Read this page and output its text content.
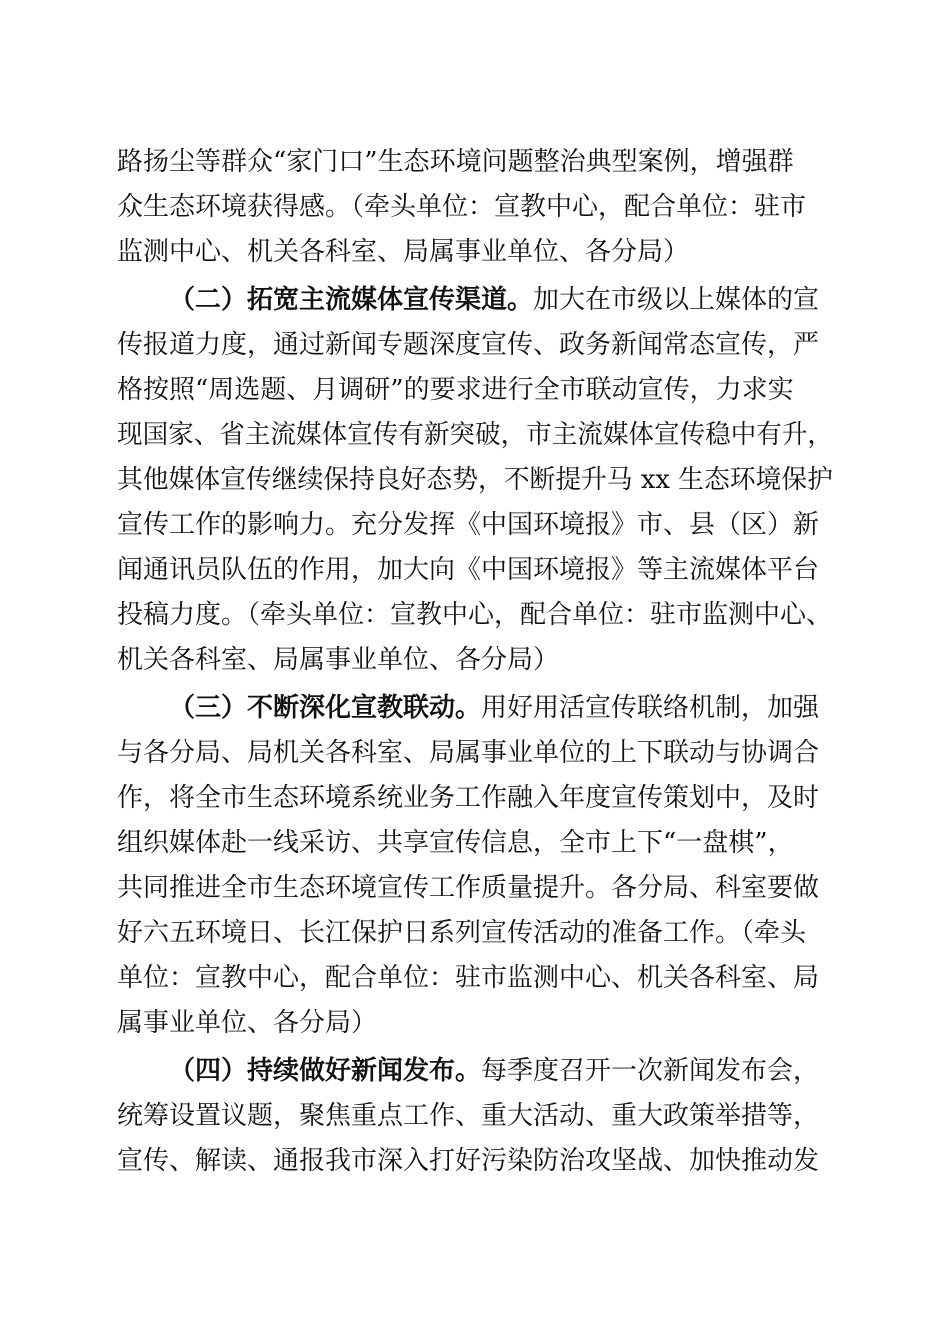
路扬尘等群众“家门口”生态环境问题整治典型案例，增强群
众生态环境获得感。（牵头单位：宣教中心，配合单位：驻市
监测中心、机关各科室、局属事业单位、各分局）
（二）拓宽主流媒体宣传渠道。加大在市级以上媒体的宣
传报道力度，通过新闻专题深度宣传、政务新闻常态宣传，严
格按照“周选题、月调研”的要求进行全市联动宣传，力求实
现国家、省主流媒体宣传有新突破，市主流媒体宣传稳中有升，
其他媒体宣传继续保持良好态势，不断提升马 xx 生态环境保护
宣传工作的影响力。充分发挥《中国环境报》市、县（区）新
闻通讯员队伍的作用，加大向《中国环境报》等主流媒体平台
投稿力度。（牵头单位：宣教中心，配合单位：驻市监测中心、
机关各科室、局属事业单位、各分局）
（三）不断深化宣教联动。用好用活宣传联络机制，加强
与各分局、局机关各科室、局属事业单位的上下联动与协调合
作，将全市生态环境系统业务工作融入年度宣传策划中，及时
组织媒体赴一线采访、共享宣传信息，全市上下“一盘棋”，
共同推进全市生态环境宣传工作质量提升。各分局、科室要做
好六五环境日、长江保护日系列宣传活动的准备工作。（牵头
单位：宣教中心，配合单位：驻市监测中心、机关各科室、局
属事业单位、各分局）
（四）持续做好新闻发布。每季度召开一次新闻发布会，
统筹设置议题，聚焦重点工作、重大活动、重大政策举措等，
宣传、解读、通报我市深入打好污染防治攻坚战、加快推动发
